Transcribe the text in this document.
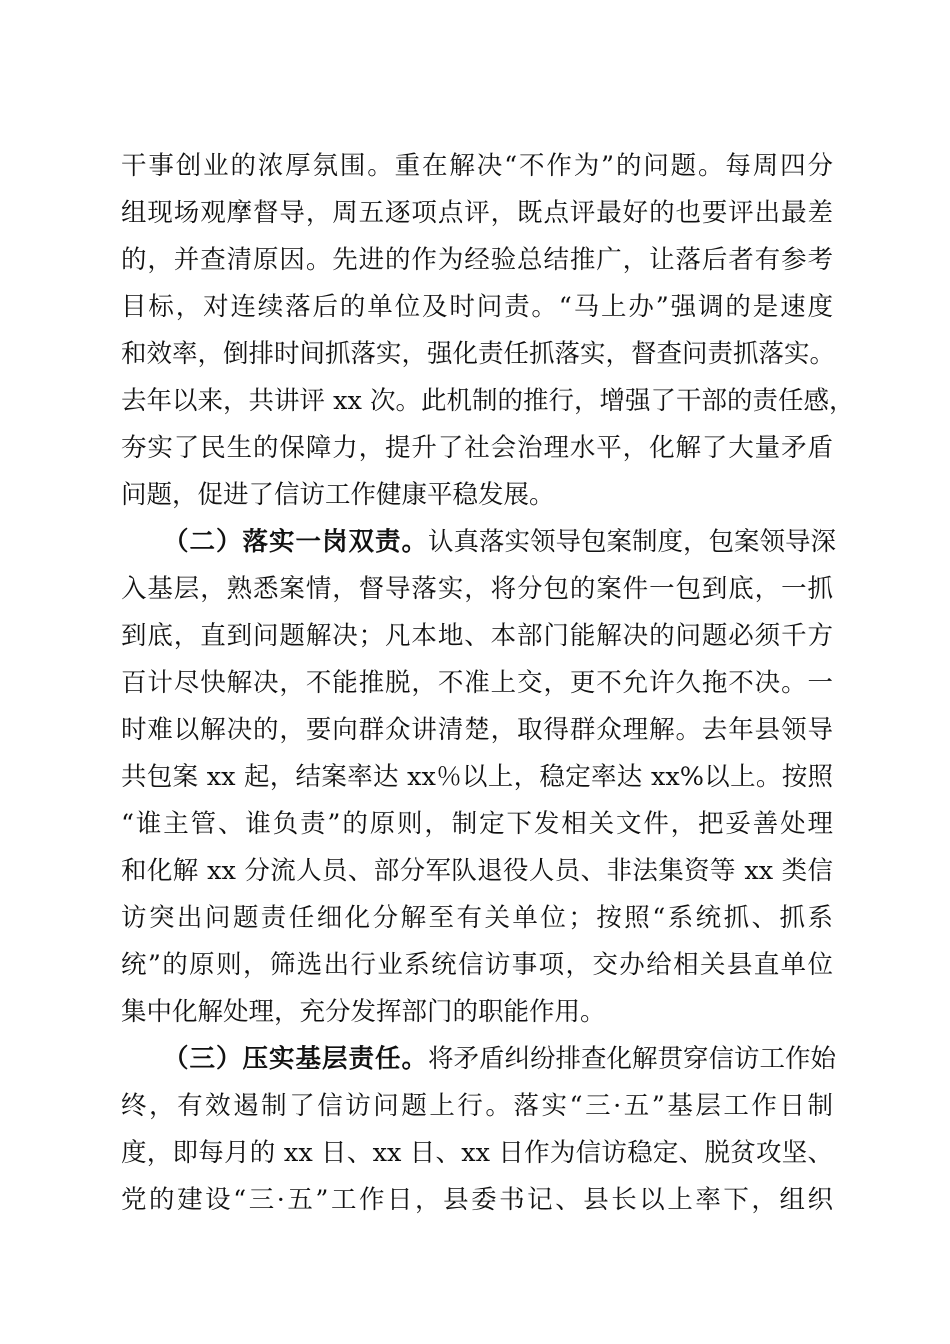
干事创业的浓厚氛围。重在解决“不作为”的问题。每周四分
组现场观摩督导，周五逐项点评，既点评最好的也要评出最差
的，并查清原因。先进的作为经验总结推广，让落后者有参考
目标，对连续落后的单位及时问责。“马上办”强调的是速度
和效率，倒排时间抓落实，强化责任抓落实，督查问责抓落实。
去年以来，共讲评 xx 次。此机制的推行，增强了干部的责任感，
夯实了民生的保障力，提升了社会治理水平，化解了大量矛盾
问题，促进了信访工作健康平稳发展。
（二）落实一岗双责。认真落实领导包案制度，包案领导深
入基层，熟悉案情，督导落实，将分包的案件一包到底，一抓
到底，直到问题解决；凡本地、本部门能解决的问题必须千方
百计尽快解决，不能推脱，不准上交，更不允许久拖不决。一
时难以解决的，要向群众讲清楚，取得群众理解。去年县领导
共包案 xx 起，结案率达 xx％以上，稳定率达 xx%以上。按照
“谁主管、谁负责”的原则，制定下发相关文件，把妥善处理
和化解 xx 分流人员、部分军队退役人员、非法集资等 xx 类信
访突出问题责任细化分解至有关单位；按照“系统抓、抓系
统”的原则，筛选出行业系统信访事项，交办给相关县直单位
集中化解处理，充分发挥部门的职能作用。
（三）压实基层责任。将矛盾纠纷排查化解贯穿信访工作始
终，有效遏制了信访问题上行。落实“三·五”基层工作日制
度，即每月的 xx 日、xx 日、xx 日作为信访稳定、脱贫攻坚、
党的建设“三·五”工作日，县委书记、县长以上率下，组织
